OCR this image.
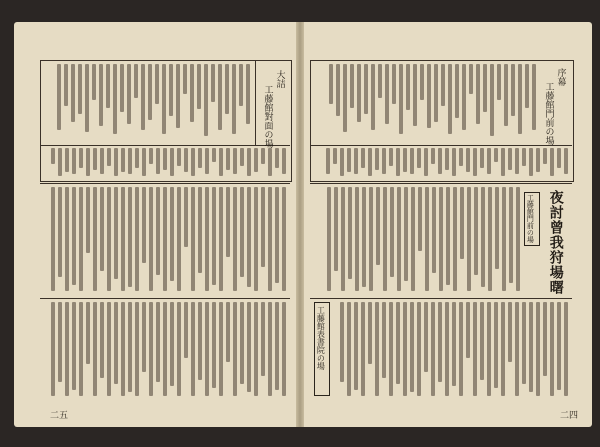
大詰
工藤館對面の場
二五
序幕
工藤館門前の場
夜討曾我狩場曙
工藤館門前の場
工藤館表書院の場
二四
